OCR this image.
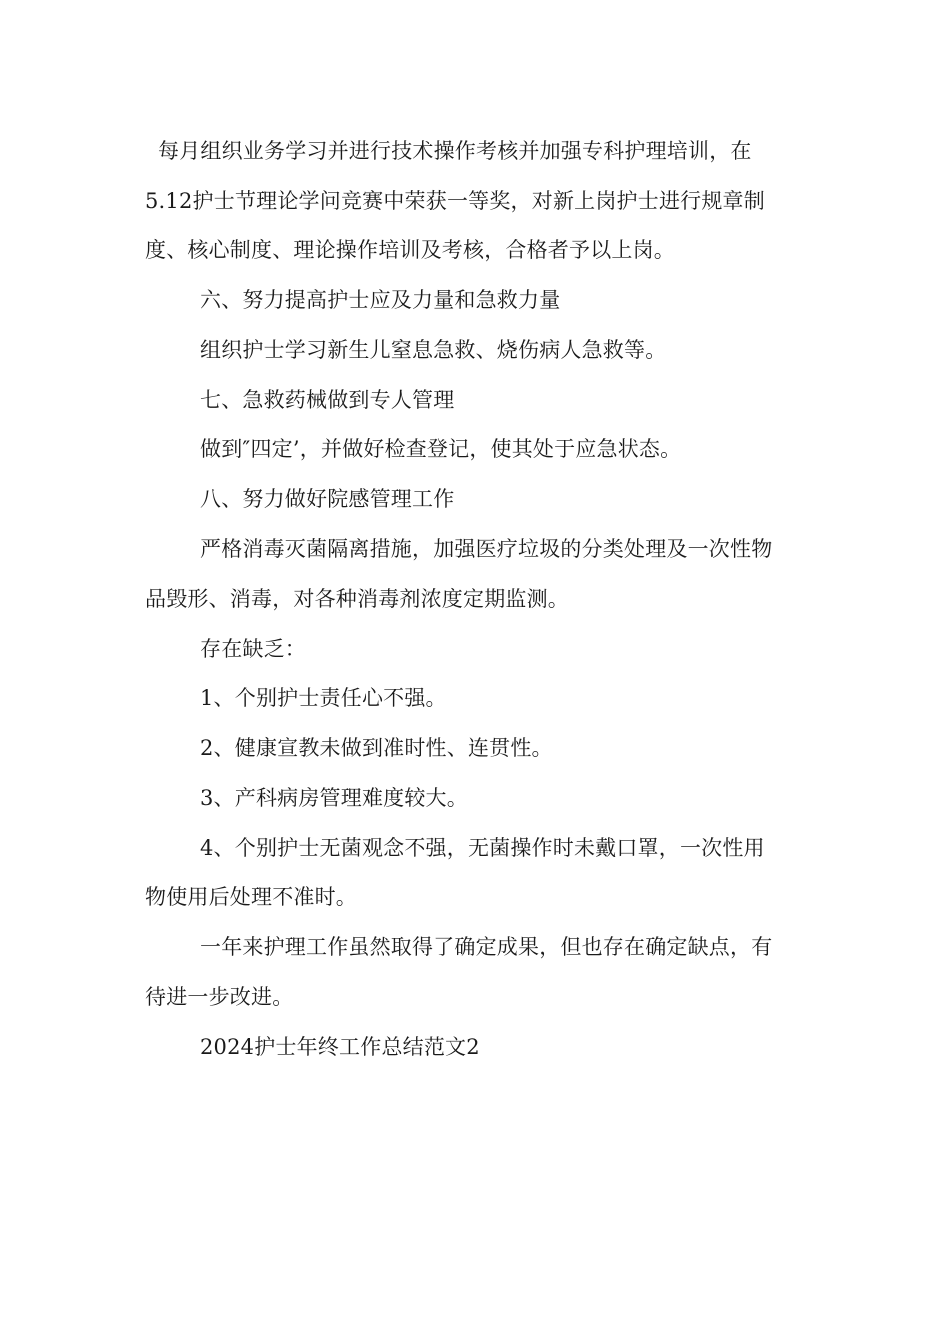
每月组织业务学习并进行技术操作考核并加强专科护理培训，在
5.12护士节理论学问竞赛中荣获一等奖，对新上岗护士进行规章制
度、核心制度、理论操作培训及考核，合格者予以上岗。
六、努力提高护士应及力量和急救力量
组织护士学习新生儿窒息急救、烧伤病人急救等。
七、急救药械做到专人管理
做到″四定’，并做好检查登记，使其处于应急状态。
八、努力做好院感管理工作
严格消毒灭菌隔离措施，加强医疗垃圾的分类处理及一次性物
品毁形、消毒，对各种消毒剂浓度定期监测。
存在缺乏：
1、个别护士责任心不强。
2、健康宣教未做到准时性、连贯性。
3、产科病房管理难度较大。
4、个别护士无菌观念不强，无菌操作时未戴口罩，一次性用
物使用后处理不准时。
一年来护理工作虽然取得了确定成果，但也存在确定缺点，有
待进一步改进。
2024护士年终工作总结范文2
